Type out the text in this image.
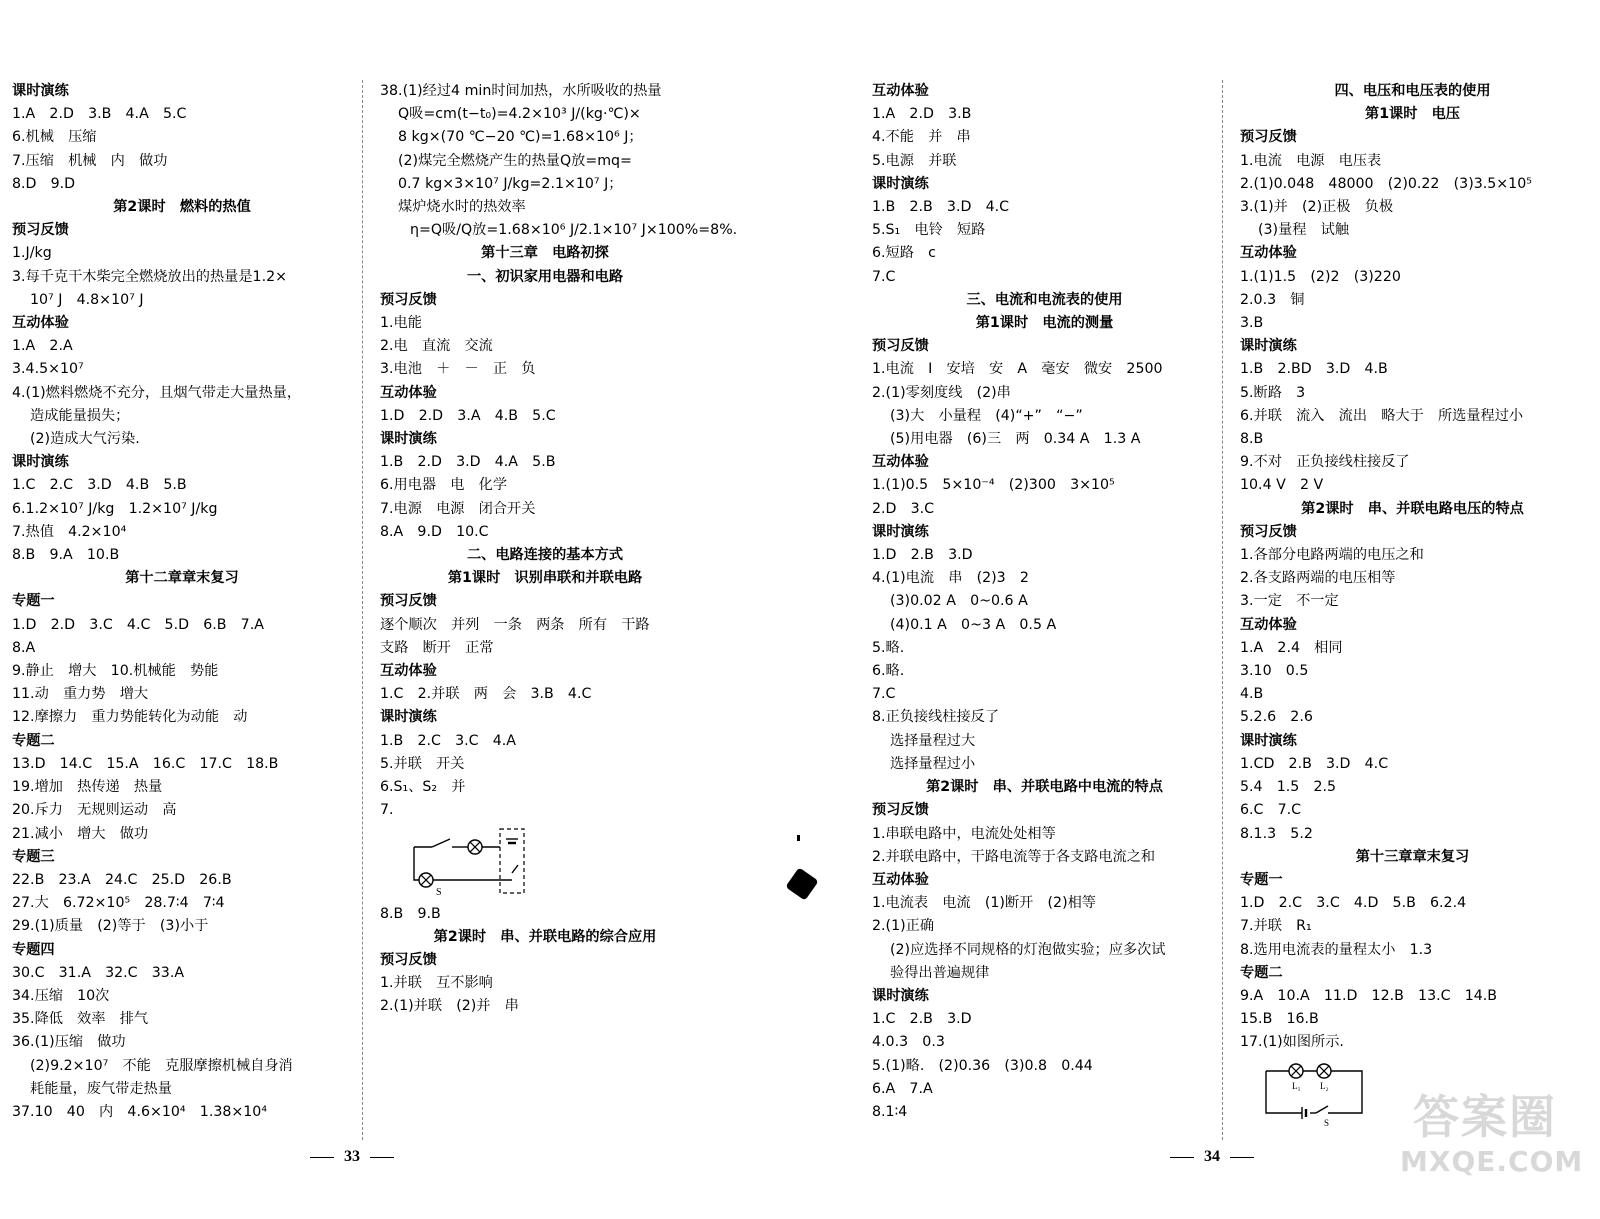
课时演练
1.A　2.D　3.B　4.A　5.C
6.机械　压缩
7.压缩　机械　内　做功
8.D　9.D
第2课时　燃料的热值
预习反馈
1.J/kg
3.每千克干木柴完全燃烧放出的热量是1.2×
10⁷ J　4.8×10⁷ J
互动体验
1.A　2.A
3.4.5×10⁷
4.(1)燃料燃烧不充分，且烟气带走大量热量，
造成能量损失；
(2)造成大气污染.
课时演练
1.C　2.C　3.D　4.B　5.B
6.1.2×10⁷ J/kg　1.2×10⁷ J/kg
7.热值　4.2×10⁴
8.B　9.A　10.B
第十二章章末复习
专题一
1.D　2.D　3.C　4.C　5.D　6.B　7.A
8.A
9.静止　增大　10.机械能　势能
11.动　重力势　增大
12.摩擦力　重力势能转化为动能　动
专题二
13.D　14.C　15.A　16.C　17.C　18.B
19.增加　热传递　热量
20.斥力　无规则运动　高
21.减小　增大　做功
专题三
22.B　23.A　24.C　25.D　26.B
27.大　6.72×10⁵　28.7∶4　7∶4
29.(1)质量　(2)等于　(3)小于
专题四
30.C　31.A　32.C　33.A
34.压缩　10次
35.降低　效率　排气
36.(1)压缩　做功
(2)9.2×10⁷　不能　克服摩擦机械自身消
耗能量，废气带走热量
37.10　40　内　4.6×10⁴　1.38×10⁴
38.(1)经过4 min时间加热，水所吸收的热量
Q吸=cm(t−t₀)=4.2×10³ J/(kg·℃)×
8 kg×(70 ℃−20 ℃)=1.68×10⁶ J；
(2)煤完全燃烧产生的热量Q放=mq=
0.7 kg×3×10⁷ J/kg=2.1×10⁷ J；
煤炉烧水时的热效率
η=Q吸/Q放=1.68×10⁶ J/2.1×10⁷ J×100%=8%.
第十三章　电路初探
一、初识家用电器和电路
预习反馈
1.电能
2.电　直流　交流
3.电池　＋　－　正　负
互动体验
1.D　2.D　3.A　4.B　5.C
课时演练
1.B　2.D　3.D　4.A　5.B
6.用电器　电　化学
7.电源　电源　闭合开关
8.A　9.D　10.C
二、电路连接的基本方式
第1课时　识别串联和并联电路
预习反馈
逐个顺次　并列　一条　两条　所有　干路
支路　断开　正常
互动体验
1.C　2.并联　两　会　3.B　4.C
课时演练
1.B　2.C　3.C　4.A
5.并联　开关
6.S₁、S₂　并
7.
S
8.B　9.B
第2课时　串、并联电路的综合应用
预习反馈
1.并联　互不影响
2.(1)并联　(2)并　串
互动体验
1.A　2.D　3.B
4.不能　并　串
5.电源　并联
课时演练
1.B　2.B　3.D　4.C
5.S₁　电铃　短路
6.短路　c
7.C
三、电流和电流表的使用
第1课时　电流的测量
预习反馈
1.电流　I　安培　安　A　毫安　微安　2500
2.(1)零刻度线　(2)串
(3)大　小量程　(4)“+”　“−”
(5)用电器　(6)三　两　0.34 A　1.3 A
互动体验
1.(1)0.5　5×10⁻⁴　(2)300　3×10⁵
2.D　3.C
课时演练
1.D　2.B　3.D
4.(1)电流　串　(2)3　2
(3)0.02 A　0~0.6 A
(4)0.1 A　0~3 A　0.5 A
5.略.
6.略.
7.C
8.正负接线柱接反了
选择量程过大
选择量程过小
第2课时　串、并联电路中电流的特点
预习反馈
1.串联电路中，电流处处相等
2.并联电路中，干路电流等于各支路电流之和
互动体验
1.电流表　电流　(1)断开　(2)相等
2.(1)正确
(2)应选择不同规格的灯泡做实验；应多次试
验得出普遍规律
课时演练
1.C　2.B　3.D
4.0.3　0.3
5.(1)略.　(2)0.36　(3)0.8　0.44
6.A　7.A
8.1∶4
四、电压和电压表的使用
第1课时　电压
预习反馈
1.电流　电源　电压表
2.(1)0.048　48000　(2)0.22　(3)3.5×10⁵
3.(1)并　(2)正极　负极
(3)量程　试触
互动体验
1.(1)1.5　(2)2　(3)220
2.0.3　铜
3.B
课时演练
1.B　2.BD　3.D　4.B
5.断路　3
6.并联　流入　流出　略大于　所选量程过小
8.B
9.不对　正负接线柱接反了
10.4 V　2 V
第2课时　串、并联电路电压的特点
预习反馈
1.各部分电路两端的电压之和
2.各支路两端的电压相等
3.一定　不一定
互动体验
1.A　2.4　相同
3.10　0.5
4.B
5.2.6　2.6
课时演练
1.CD　2.B　3.D　4.C
5.4　1.5　2.5
6.C　7.C
8.1.3　5.2
第十三章章末复习
专题一
1.D　2.C　3.C　4.D　5.B　6.2.4
7.并联　R₁
8.选用电流表的量程太小　1.3
专题二
9.A　10.A　11.D　12.B　13.C　14.B
15.B　16.B
17.(1)如图所示.
L₁ L₂
S
33	34
答案圈
MXQE.COM
